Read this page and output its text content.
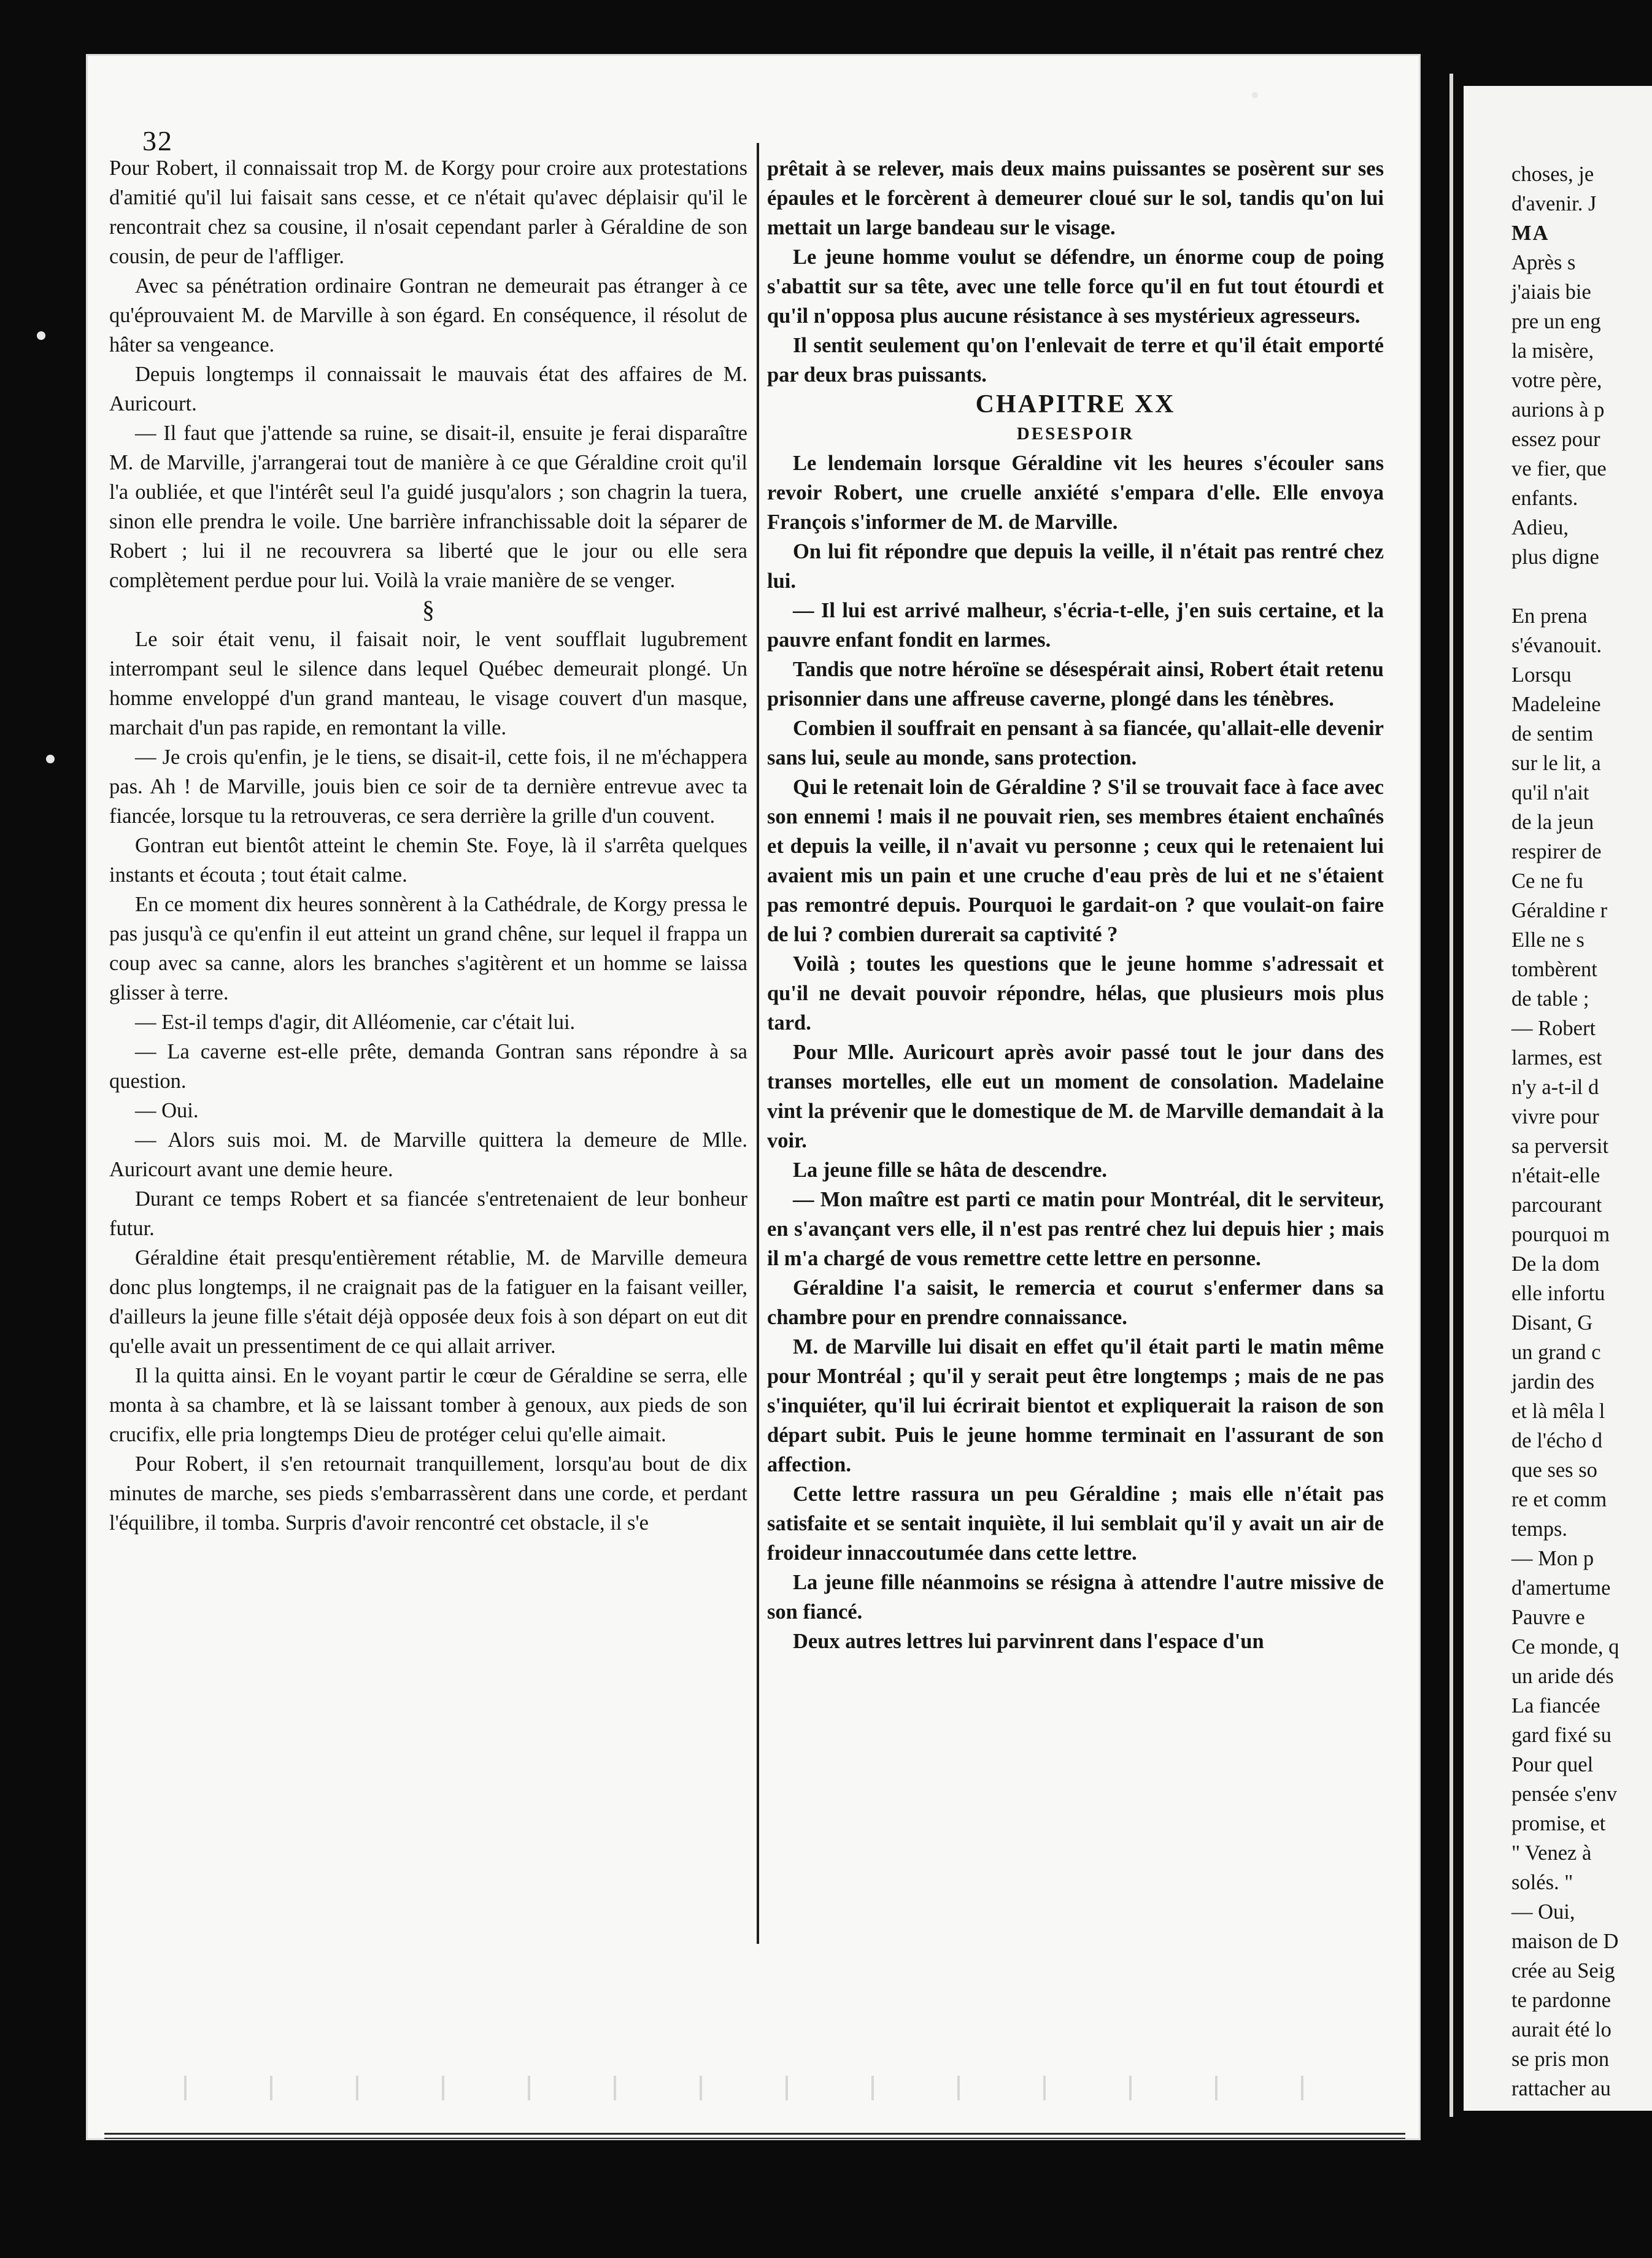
32

Pour Robert, il connaissait trop M. de Korgy pour croire aux protestations d'amitié qu'il lui faisait sans cesse, et ce n'était qu'avec déplaisir qu'il le rencontrait chez sa cousine, il n'osait cependant parler à Géraldine de son cousin, de peur de l'affliger.

Avec sa pénétration ordinaire Gontran ne demeurait pas étranger à ce qu'éprouvaient M. de Marville à son égard. En conséquence, il résolut de hâter sa vengeance.

Depuis longtemps il connaissait le mauvais état des affaires de M. Auricourt.

— Il faut que j'attende sa ruine, se disait-il, ensuite je ferai disparaître M. de Marville, j'arrangerai tout de manière à ce que Géraldine croit qu'il l'a oubliée, et que l'intérêt seul l'a guidé jusqu'alors ; son chagrin la tuera, sinon elle prendra le voile. Une barrière infranchissable doit la séparer de Robert ; lui il ne recouvrera sa liberté que le jour ou elle sera complètement perdue pour lui. Voilà la vraie manière de se venger.

§

Le soir était venu, il faisait noir, le vent soufflait lugubrement interrompant seul le silence dans lequel Québec demeurait plongé. Un homme enveloppé d'un grand manteau, le visage couvert d'un masque, marchait d'un pas rapide, en remontant la ville.

— Je crois qu'enfin, je le tiens, se disait-il, cette fois, il ne m'échappera pas. Ah ! de Marville, jouis bien ce soir de ta dernière entrevue avec ta fiancée, lorsque tu la retrouveras, ce sera derrière la grille d'un couvent.

Gontran eut bientôt atteint le chemin Ste. Foye, là il s'arrêta quelques instants et écouta ; tout était calme.

En ce moment dix heures sonnèrent à la Cathédrale, de Korgy pressa le pas jusqu'à ce qu'enfin il eut atteint un grand chêne, sur lequel il frappa un coup avec sa canne, alors les branches s'agitèrent et un homme se laissa glisser à terre.

— Est-il temps d'agir, dit Alléomenie, car c'était lui.

— La caverne est-elle prête, demanda Gontran sans répondre à sa question.

— Oui.

— Alors suis moi. M. de Marville quittera la demeure de Mlle. Auricourt avant une demie heure.

Durant ce temps Robert et sa fiancée s'entretenaient de leur bonheur futur.

Géraldine était presqu'entièrement rétablie, M. de Marville demeura donc plus longtemps, il ne craignait pas de la fatiguer en la faisant veiller, d'ailleurs la jeune fille s'était déjà opposée deux fois à son départ on eut dit qu'elle avait un pressentiment de ce qui allait arriver.

Il la quitta ainsi. En le voyant partir le cœur de Géraldine se serra, elle monta à sa chambre, et là se laissant tomber à genoux, aux pieds de son crucifix, elle pria longtemps Dieu de protéger celui qu'elle aimait.

Pour Robert, il s'en retournait tranquillement, lorsqu'au bout de dix minutes de marche, ses pieds s'embarrassèrent dans une corde, et perdant l'équilibre, il tomba. Surpris d'avoir rencontré cet obstacle, il s'e

prêtait à se relever, mais deux mains puissantes se posèrent sur ses épaules et le forcèrent à demeurer cloué sur le sol, tandis qu'on lui mettait un large bandeau sur le visage.

Le jeune homme voulut se défendre, un énorme coup de poing s'abattit sur sa tête, avec une telle force qu'il en fut tout étourdi et qu'il n'opposa plus aucune résistance à ses mystérieux agresseurs.

Il sentit seulement qu'on l'enlevait de terre et qu'il était emporté par deux bras puissants.

CHAPITRE XX

DESESPOIR

Le lendemain lorsque Géraldine vit les heures s'écouler sans revoir Robert, une cruelle anxiété s'empara d'elle. Elle envoya François s'informer de M. de Marville.

On lui fit répondre que depuis la veille, il n'était pas rentré chez lui.

— Il lui est arrivé malheur, s'écria-t-elle, j'en suis certaine, et la pauvre enfant fondit en larmes.

Tandis que notre héroïne se désespérait ainsi, Robert était retenu prisonnier dans une affreuse caverne, plongé dans les ténèbres.

Combien il souffrait en pensant à sa fiancée, qu'allait-elle devenir sans lui, seule au monde, sans protection.

Qui le retenait loin de Géraldine ? S'il se trouvait face à face avec son ennemi ! mais il ne pouvait rien, ses membres étaient enchaînés et depuis la veille, il n'avait vu personne ; ceux qui le retenaient lui avaient mis un pain et une cruche d'eau près de lui et ne s'étaient pas remontré depuis. Pourquoi le gardait-on ? que voulait-on faire de lui ? combien durerait sa captivité ?

Voilà ; toutes les questions que le jeune homme s'adressait et qu'il ne devait pouvoir répondre, hélas, que plusieurs mois plus tard.

Pour Mlle. Auricourt après avoir passé tout le jour dans des transes mortelles, elle eut un moment de consolation. Madelaine vint la prévenir que le domestique de M. de Marville demandait à la voir.

La jeune fille se hâta de descendre.

— Mon maître est parti ce matin pour Montréal, dit le serviteur, en s'avançant vers elle, il n'est pas rentré chez lui depuis hier ; mais il m'a chargé de vous remettre cette lettre en personne.

Géraldine l'a saisit, le remercia et courut s'enfermer dans sa chambre pour en prendre connaissance.

M. de Marville lui disait en effet qu'il était parti le matin même pour Montréal ; qu'il y serait peut être longtemps ; mais de ne pas s'inquiéter, qu'il lui écrirait bientot et expliquerait la raison de son départ subit. Puis le jeune homme terminait en l'assurant de son affection.

Cette lettre rassura un peu Géraldine ; mais elle n'était pas satisfaite et se sentait inquiète, il lui semblait qu'il y avait un air de froideur innaccoutumée dans cette lettre.

La jeune fille néanmoins se résigna à attendre l'autre missive de son fiancé.

Deux autres lettres lui parvinrent dans l'espace d'un

choses, je
d'avenir. J
MA
Après s
j'aiais bie
pre un eng
la misère,
votre père,
aurions à p
essez pour
ve fier, que
enfants.
Adieu,
plus digne
En prena
s'évanouit.
Lorsqu
Madeleine
de sentim
sur le lit, a
qu'il n'ait
de la jeun
respirer de
Ce ne fu
Géraldine r
Elle ne s
tombèrent
de table ;
— Robert
larmes, est
n'y a-t-il d
vivre pour
sa perversit
n'était-elle
parcourant
pourquoi m
De la dom
elle infortu
Disant, G
un grand c
jardin des
et là mêla l
de l'écho d
que ses so
re et comm
temps.
— Mon p
d'amertume
Pauvre e
Ce monde, q
un aride dés
La fiancée
gard fixé su
Pour quel
pensée s'env
promise, et
" Venez à
solés. "
— Oui,
maison de D
crée au Seig
te pardonne
aurait été lo
se pris mon
rattacher au
